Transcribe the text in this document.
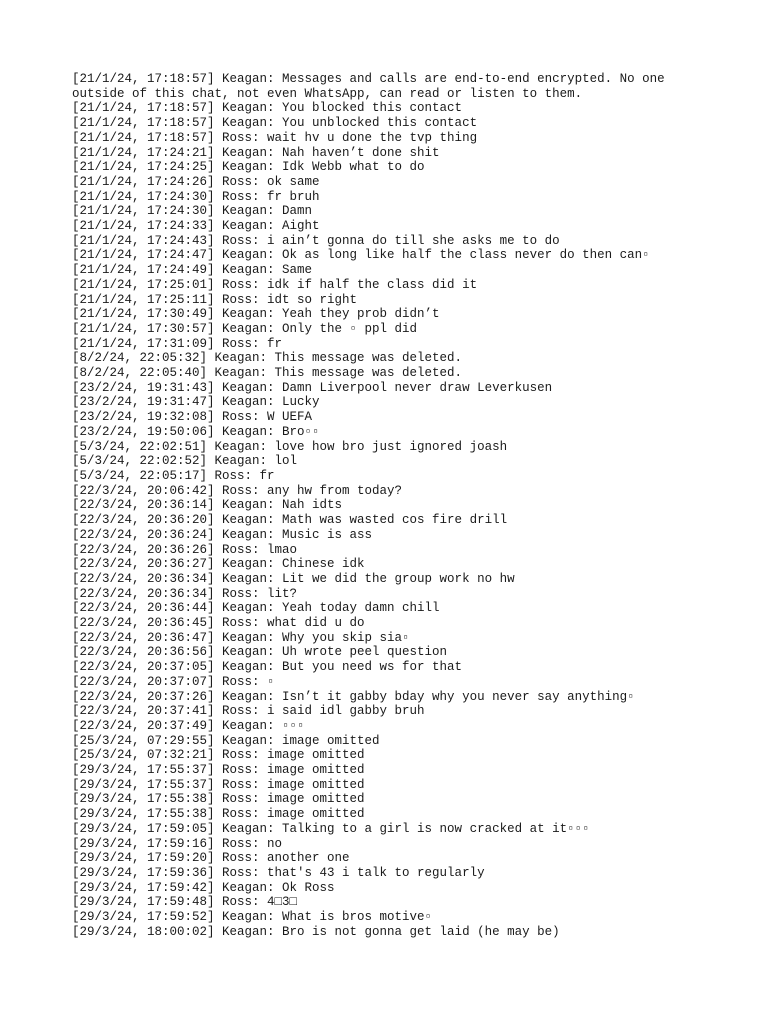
[21/1/24, 17:18:57] Keagan: Messages and calls are end-to-end encrypted. No one
outside of this chat, not even WhatsApp, can read or listen to them.
[21/1/24, 17:18:57] Keagan: You blocked this contact
[21/1/24, 17:18:57] Keagan: You unblocked this contact
[21/1/24, 17:18:57] Ross: wait hv u done the tvp thing
[21/1/24, 17:24:21] Keagan: Nah haven’t done shit
[21/1/24, 17:24:25] Keagan: Idk Webb what to do
[21/1/24, 17:24:26] Ross: ok same
[21/1/24, 17:24:30] Ross: fr bruh
[21/1/24, 17:24:30] Keagan: Damn
[21/1/24, 17:24:33] Keagan: Aight
[21/1/24, 17:24:43] Ross: i ain’t gonna do till she asks me to do
[21/1/24, 17:24:47] Keagan: Ok as long like half the class never do then can▫
[21/1/24, 17:24:49] Keagan: Same
[21/1/24, 17:25:01] Ross: idk if half the class did it
[21/1/24, 17:25:11] Ross: idt so right
[21/1/24, 17:30:49] Keagan: Yeah they prob didn’t
[21/1/24, 17:30:57] Keagan: Only the ▫ ppl did
[21/1/24, 17:31:09] Ross: fr
[8/2/24, 22:05:32] Keagan: This message was deleted.
[8/2/24, 22:05:40] Keagan: This message was deleted.
[23/2/24, 19:31:43] Keagan: Damn Liverpool never draw Leverkusen
[23/2/24, 19:31:47] Keagan: Lucky
[23/2/24, 19:32:08] Ross: W UEFA
[23/2/24, 19:50:06] Keagan: Bro▫▫
[5/3/24, 22:02:51] Keagan: love how bro just ignored joash
[5/3/24, 22:02:52] Keagan: lol
[5/3/24, 22:05:17] Ross: fr
[22/3/24, 20:06:42] Ross: any hw from today?
[22/3/24, 20:36:14] Keagan: Nah idts
[22/3/24, 20:36:20] Keagan: Math was wasted cos fire drill
[22/3/24, 20:36:24] Keagan: Music is ass
[22/3/24, 20:36:26] Ross: lmao
[22/3/24, 20:36:27] Keagan: Chinese idk
[22/3/24, 20:36:34] Keagan: Lit we did the group work no hw
[22/3/24, 20:36:34] Ross: lit?
[22/3/24, 20:36:44] Keagan: Yeah today damn chill
[22/3/24, 20:36:45] Ross: what did u do
[22/3/24, 20:36:47] Keagan: Why you skip sia▫
[22/3/24, 20:36:56] Keagan: Uh wrote peel question
[22/3/24, 20:37:05] Keagan: But you need ws for that
[22/3/24, 20:37:07] Ross: ▫
[22/3/24, 20:37:26] Keagan: Isn’t it gabby bday why you never say anything▫
[22/3/24, 20:37:41] Ross: i said idl gabby bruh
[22/3/24, 20:37:49] Keagan: ▫▫▫
[25/3/24, 07:29:55] Keagan: image omitted
[25/3/24, 07:32:21] Ross: image omitted
[29/3/24, 17:55:37] Ross: image omitted
[29/3/24, 17:55:37] Ross: image omitted
[29/3/24, 17:55:38] Ross: image omitted
[29/3/24, 17:55:38] Ross: image omitted
[29/3/24, 17:59:05] Keagan: Talking to a girl is now cracked at it▫▫▫
[29/3/24, 17:59:16] Ross: no
[29/3/24, 17:59:20] Ross: another one
[29/3/24, 17:59:36] Ross: that's 43 i talk to regularly
[29/3/24, 17:59:42] Keagan: Ok Ross
[29/3/24, 17:59:48] Ross: 4□3□
[29/3/24, 17:59:52] Keagan: What is bros motive▫
[29/3/24, 18:00:02] Keagan: Bro is not gonna get laid (he may be)
